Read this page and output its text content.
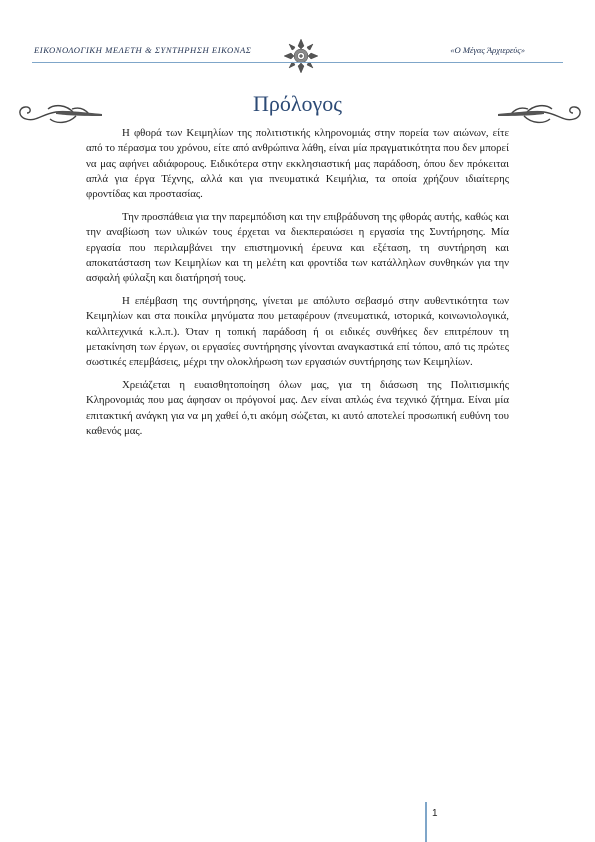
ΕΙΚΟΝΟΛΟΓΙΚΗ ΜΕΛΕΤΗ & ΣΥΝΤΗΡΗΣΗ ΕΙΚΟΝΑΣ	«Ο Μέγας Άρχιερεύς»
Πρόλογος

Η φθορά των Κειμηλίων της πολιτιστικής κληρονομιάς στην πορεία των αιώνων, είτε από το πέρασμα του χρόνου, είτε από ανθρώπινα λάθη, είναι μία πραγματικότητα που δεν μπορεί να μας αφήνει αδιάφορους. Ειδικότερα στην εκκλησιαστική μας παράδοση, όπου δεν πρόκειται απλά για έργα Τέχνης, αλλά και για πνευματικά Κειμήλια, τα οποία χρήζουν ιδιαίτερης φροντίδας και προστασίας.

Την προσπάθεια για την παρεμπόδιση και την επιβράδυνση της φθοράς αυτής, καθώς και την αναβίωση των υλικών τους έρχεται να διεκπεραιώσει η εργασία της Συντήρησης. Μία εργασία που περιλαμβάνει την επιστημονική έρευνα και εξέταση, τη συντήρηση και αποκατάσταση των Κειμηλίων και τη μελέτη και φροντίδα των κατάλληλων συνθηκών για την ασφαλή φύλαξη και διατήρησή τους.

Η επέμβαση της συντήρησης, γίνεται με απόλυτο σεβασμό στην αυθεντικότητα των Κειμηλίων και στα ποικίλα μηνύματα που μεταφέρουν (πνευματικά, ιστορικά, κοινωνιολογικά, καλλιτεχνικά κ.λ.π.). Όταν η τοπική παράδοση ή οι ειδικές συνθήκες δεν επιτρέπουν τη μετακίνηση των έργων, οι εργασίες συντήρησης γίνονται αναγκαστικά επί τόπου, από τις πρώτες σωστικές επεμβάσεις, μέχρι την ολοκλήρωση των εργασιών συντήρησης των Κειμηλίων.

Χρειάζεται η ευαισθητοποίηση όλων μας, για τη διάσωση της Πολιτισμικής Κληρονομιάς που μας άφησαν οι πρόγονοί μας. Δεν είναι απλώς ένα τεχνικό ζήτημα. Είναι μία επιτακτική ανάγκη για να μη χαθεί ό,τι ακόμη σώζεται, κι αυτό αποτελεί προσωπική ευθύνη του καθενός μας.

1
